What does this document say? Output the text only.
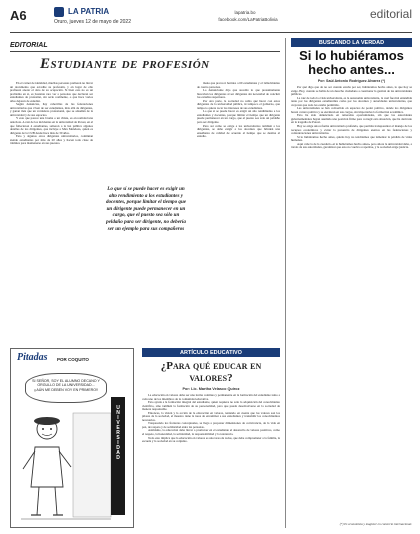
A6	LA PATRIA
Oruro, jueves 12 de mayo de 2022
lapatria.bo
facebook.com/LaPatriaBolivia	editorial
EDITORIAL
Estudiante de profesión

En el carnet de identidad, muchas personas prefieren no llevar un documento que acredite su profesión, y en lugar de ello prefieren anotar el dato de su ocupación. Si bien esto no es un problema en sí, es bastante raro ver a personas que declaran ser estudiantes de profesión, sin serlo realmente, o que hace varios años dejaron de estudiar.

Según denuncias, hay cabecillas de las federaciones universitarias que viven de ser estudiantes, más allá de dirigentes, y ganan más que un verdadero profesional, que se adueñan de la universidad y de sus espacios.

Y esto que parece una broma o un chiste, es en realidad una anécdota. A raíz de los incidentes en la universidad de Potosí, en el que fallecieron 4 estudiantes, salieron a la luz pública algunos detalles de los dirigentes, que incluye a Max Mendoza, quien es dirigente de la CUB desde hace más de 30 años.

Esto y algunos otros dirigentes universitarios, continúan siendo estudiantes por más de 20 años y hacen toda clase de trámites para mantenerse en sus puestos.

Lo que sí se puede hacer es exigir un alto rendimiento a los estudiantes y docentes, porque limitar el tiempo que un dirigente puede permanecer en un cargo, que el puesto sea sólo un peldaño para ser dirigente, no debería ser un ejemplo para sus compañeros

mana que provocó heridos a 60 estudiantes y el fallecimiento de cuatro personas.

Lo denunciante dijo que sucedió lo que presuntamente buscaban los dirigentes al ser dirigentes sin necesidad de concluir los estudios superiores.

Por otra parte, la sociedad no sabía qué hacer con estos dirigentes de la universidad pública, ni tampoco el gobierno, que tampoco quiere tocar los intereses de sus estudiantes.

Lo que sí se puede hacer es exigir un alto rendimiento a los estudiantes y docentes, porque limitar el tiempo que un dirigente puede permanecer en un cargo, que el puesto sea sólo un peldaño para ser dirigente.

Pero así como se exige a los universitarios también a los dirigentes, se debe exigir a los docentes que brinden una enseñanza de calidad de acuerdo al tiempo que se destina al estudio.

Pitadas POR COQUITO
SI SEÑOR, SOY EL ALUMNO DECANO Y ORGULLO DE LA UNIVERSIDAD... ¡¡AÚN ME DEBEN VOY EN PRIMERO!!
UNIVERSIDAD
ARTÍCULO EDUCATIVO
¿Para qué educar en valores?
Por: Lic. Martha Velasco Quiroz

La educación en valores debe ser una forma continua y permanente en la formación del estudiante tanto a cada uno de los miembros de la comunidad educativa.

Esto ayuda a la formación integral del estudiante, quien requiere no sólo la adquisición del conocimiento científico, sino también la formación de su personalidad, para que pueda desenvolverse en la sociedad de manera responsable.

Entonces, la visión y la acción de la educación en valores, teniendo en cuenta que los valores son los pilares de la sociedad, el maestro tiene la tarea de encaminar a sus estudiantes y transmitir los conocimientos necesarios.

Traspasando los fronteras conceptuales, se llega a proponer dimensiones de convivencia, de la vida en paz, de respeto y de solidaridad entre las personas.

Asimismo, la educación debe llevar a promover en el estudiante el desarrollo de valores positivos, como el respeto, la honestidad, la solidaridad, la responsabilidad y la tolerancia.

Todo esto implica que la educación en valores es una tarea de todos, que debe comprometer a la familia, la escuela y la sociedad en su conjunto.

BUSCANDO LA VERDAD
Si lo hubiéramos hecho antes...
Por: Saúl Antonio Rodríguez Alvarez (*)

Por qué digo que de no ser cuando estaba por ser, hubiéramos hecho antes, lo que hoy se exige. Hoy, cuando se habla de un derecho ciudadano a cuestionar la gestión de las universidades públicas.

La raíz de toda la crisis universitaria, es la autonomía universitaria, la cual fue mal entendida tanto por los dirigentes estudiantiles como por los docentes y autoridades universitarias, que creyeron que todo les estaba permitido.

Las universidades se han convertido en espacios de poder político, donde los dirigentes hacen carrera política y se eternizan en sus cargos, sin importarles la formación académica.

Esto ha sido denunciado en reiteradas oportunidades, sin que las autoridades gubernamentales hayan asumido una posición firme para corregir esta situación, que ha derivado en la tragedia de Potosí.

Hoy se exige una reforma universitaria profunda, que permita transparentar el manejo de los recursos económicos y evitar la presencia de dirigentes eternos en las federaciones y confederaciones universitarias.

Si lo hubiéramos hecho antes, quizás hoy no tendríamos que lamentar la pérdida de vidas humanas.

Aquí cabe la de la cuestión «si lo hubiéramos hecho antes» pero ahora la universidad debe, a través de sus autoridades, garantizar que esto no vuelva a repetirse, y la sociedad exige justicia.

(*) Es economista y magister en comercio internacional.
